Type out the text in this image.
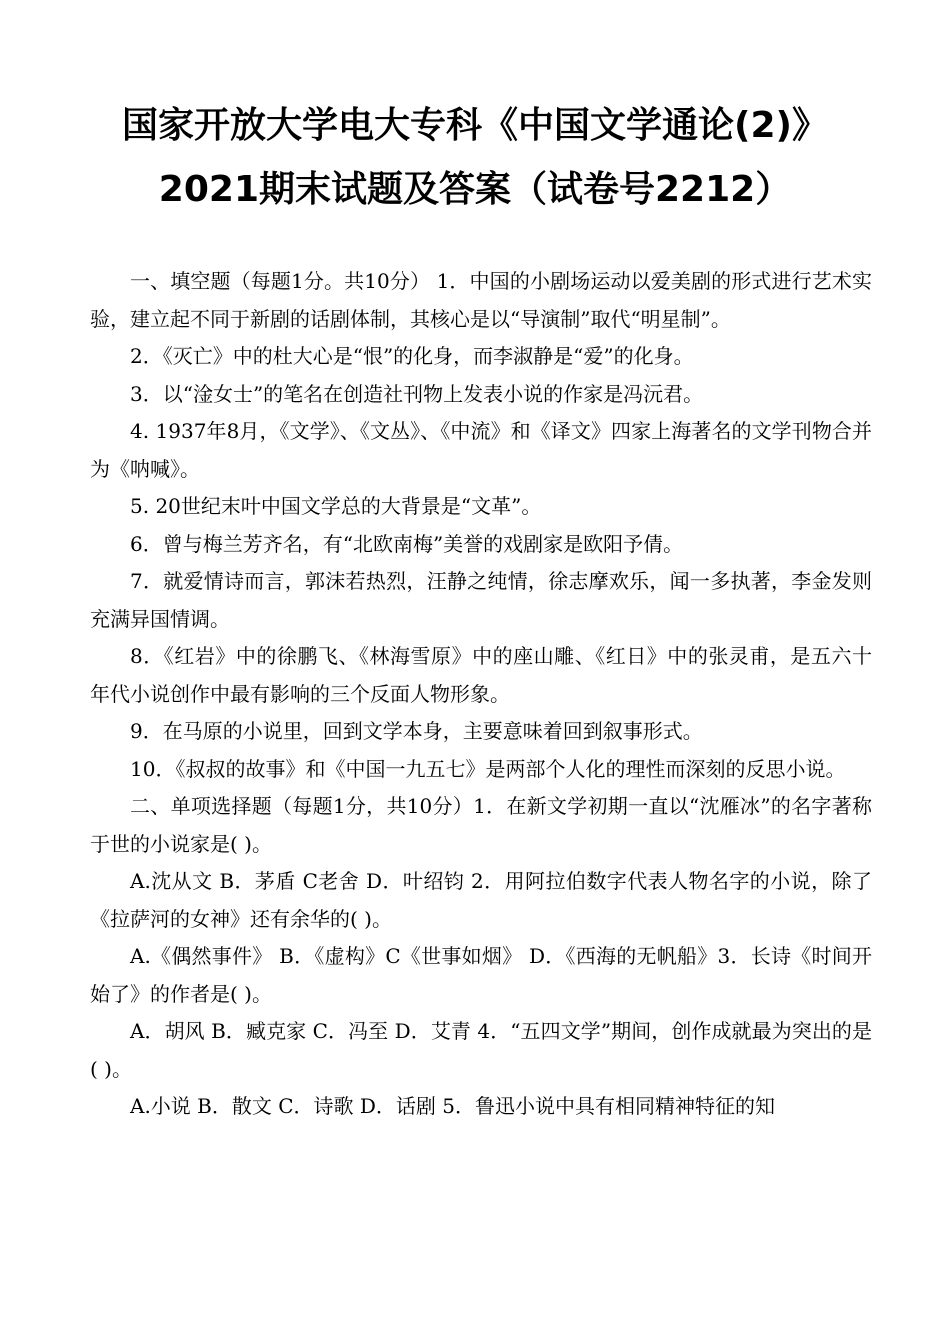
国家开放大学电大专科《中国文学通论(2)》
2021期末试题及答案（试卷号2212）

一、填空题（每题1分。共10分） 1．中国的小剧场运动以爱美剧的形式进行艺术实验，建立起不同于新剧的话剧体制，其核心是以“导演制”取代“明星制”。

2．《灭亡》中的杜大心是“恨”的化身，而李淑静是“爱”的化身。

3．以“淦女士”的笔名在创造社刊物上发表小说的作家是冯沅君。

4. 1937年8月，《文学》、《文丛》、《中流》和《译文》四家上海著名的文学刊物合并为《呐喊》。

5. 20世纪末叶中国文学总的大背景是“文革”。

6．曾与梅兰芳齐名，有“北欧南梅”美誉的戏剧家是欧阳予倩。

7．就爱情诗而言，郭沫若热烈，汪静之纯情，徐志摩欢乐，闻一多执著，李金发则充满异国情调。

8．《红岩》中的徐鹏飞、《林海雪原》中的座山雕、《红日》中的张灵甫，是五六十年代小说创作中最有影响的三个反面人物形象。

9．在马原的小说里，回到文学本身，主要意味着回到叙事形式。

10．《叔叔的故事》和《中国一九五七》是两部个人化的理性而深刻的反思小说。

二、单项选择题（每题1分，共10分）1．在新文学初期一直以“沈雁冰”的名字著称于世的小说家是( )。

A.沈从文 B．茅盾 C老舍 D．叶绍钧 2．用阿拉伯数字代表人物名字的小说，除了《拉萨河的女神》还有余华的( )。

A.《偶然事件》 B．《虚构》C《世事如烟》 D．《西海的无帆船》3．长诗《时间开始了》的作者是( )。

A．胡风 B．臧克家 C．冯至 D．艾青 4．“五四文学”期间，创作成就最为突出的是( )。

A.小说 B．散文 C．诗歌 D．话剧 5．鲁迅小说中具有相同精神特征的知
